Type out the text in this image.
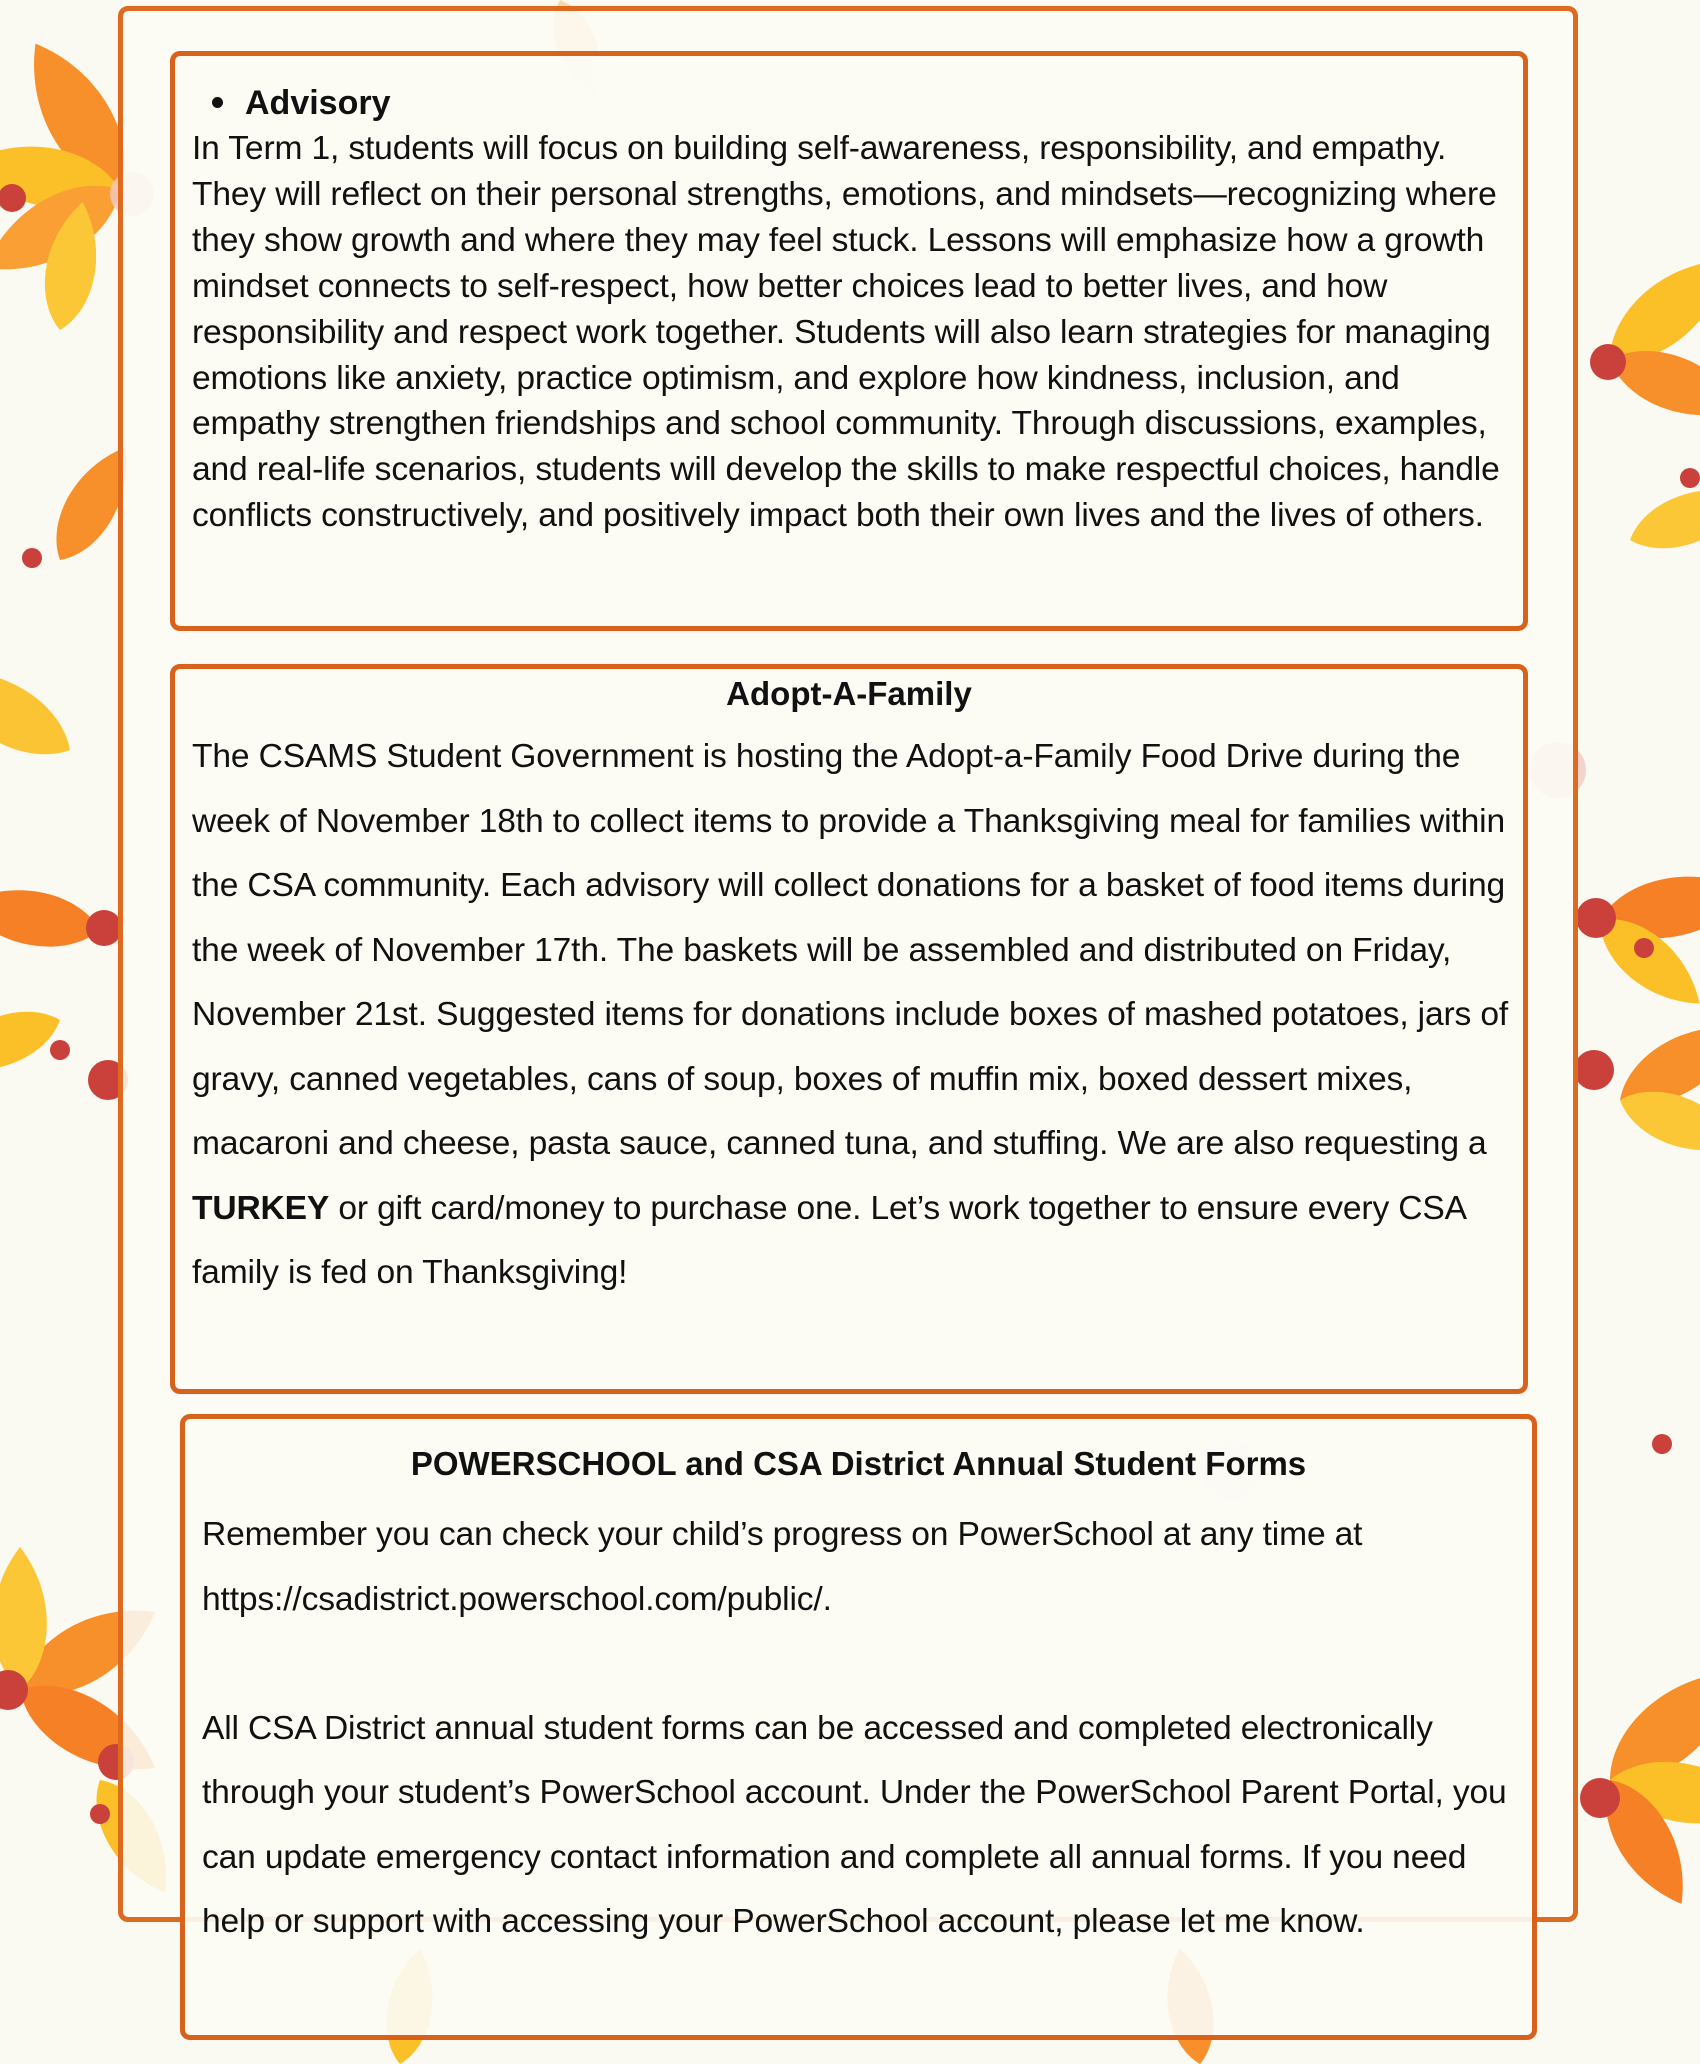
Advisory
In Term 1, students will focus on building self-awareness, responsibility, and empathy. They will reflect on their personal strengths, emotions, and mindsets—recognizing where they show growth and where they may feel stuck. Lessons will emphasize how a growth mindset connects to self-respect, how better choices lead to better lives, and how responsibility and respect work together. Students will also learn strategies for managing emotions like anxiety, practice optimism, and explore how kindness, inclusion, and empathy strengthen friendships and school community. Through discussions, examples, and real-life scenarios, students will develop the skills to make respectful choices, handle conflicts constructively, and positively impact both their own lives and the lives of others.
Adopt-A-Family
The CSAMS Student Government is hosting the Adopt-a-Family Food Drive during the week of November 18th to collect items to provide a Thanksgiving meal for families within the CSA community. Each advisory will collect donations for a basket of food items during the week of November 17th. The baskets will be assembled and distributed on Friday, November 21st. Suggested items for donations include boxes of mashed potatoes, jars of gravy, canned vegetables, cans of soup, boxes of muffin mix, boxed dessert mixes, macaroni and cheese, pasta sauce, canned tuna, and stuffing. We are also requesting a TURKEY or gift card/money to purchase one. Let’s work together to ensure every CSA family is fed on Thanksgiving!
POWERSCHOOL and CSA District Annual Student Forms

Remember you can check your child’s progress on PowerSchool at any time at https://csadistrict.powerschool.com/public/.

All CSA District annual student forms can be accessed and completed electronically through your student’s PowerSchool account. Under the PowerSchool Parent Portal, you can update emergency contact information and complete all annual forms. If you need help or support with accessing your PowerSchool account, please let me know.
